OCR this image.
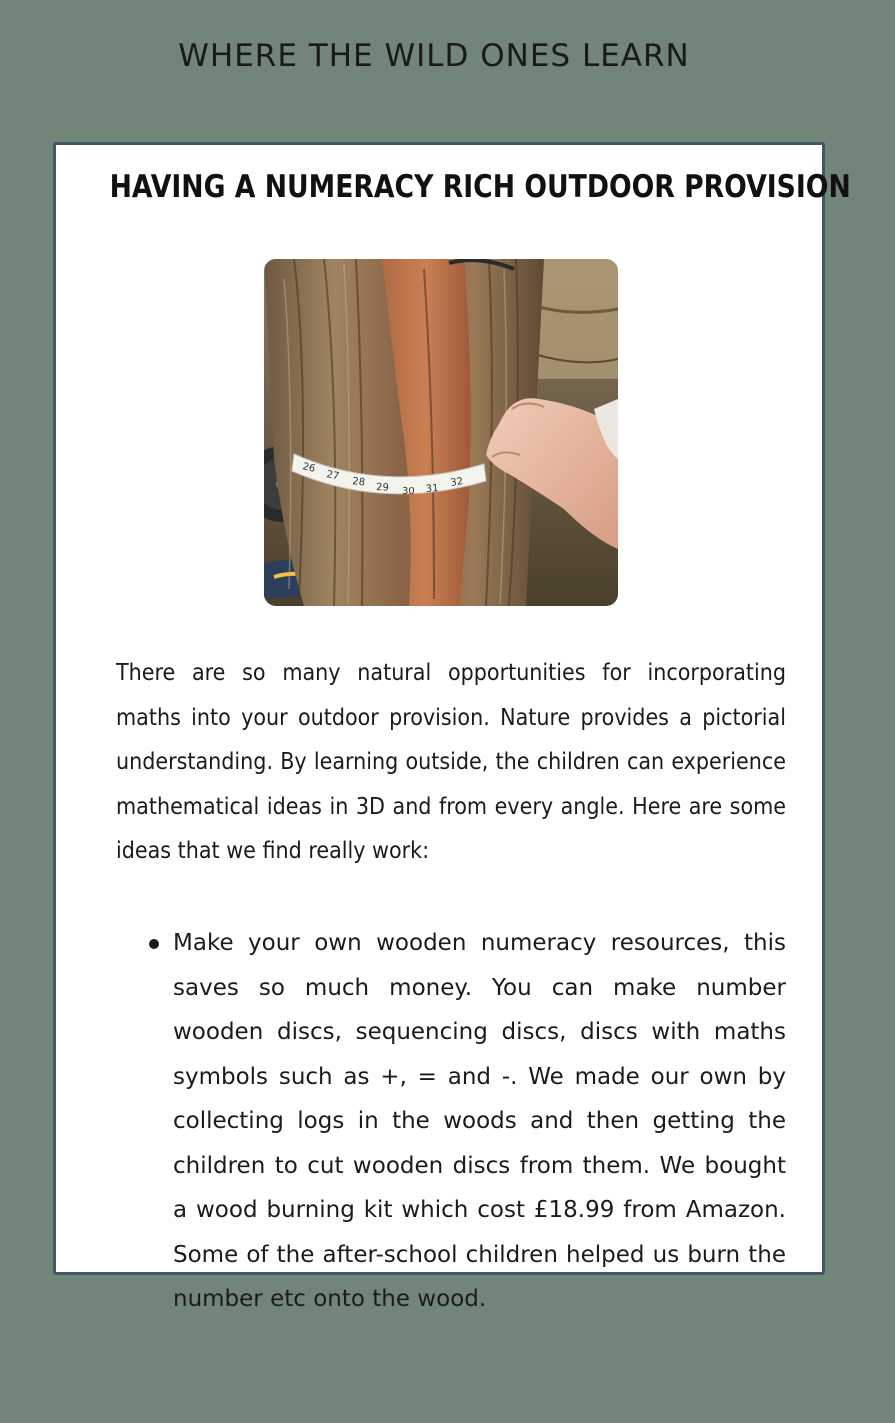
WHERE THE WILD ONES LEARN
HAVING A NUMERACY RICH OUTDOOR PROVISION
26
27 28 29 30 31
32

There are so many natural opportunities for incorporating maths into your outdoor provision. Nature provides a pictorial understanding. By learning outside, the children can experience mathematical ideas in 3D and from every angle. Here are some ideas that we find really work:

Make your own wooden numeracy resources, this saves so much money. You can make number wooden discs, sequencing discs, discs with maths symbols such as +, = and -. We made our own by collecting logs in the woods and then getting the children to cut wooden discs from them. We bought a wood burning kit which cost £18.99 from Amazon. Some of the after-school children helped us burn the number etc onto the wood.
